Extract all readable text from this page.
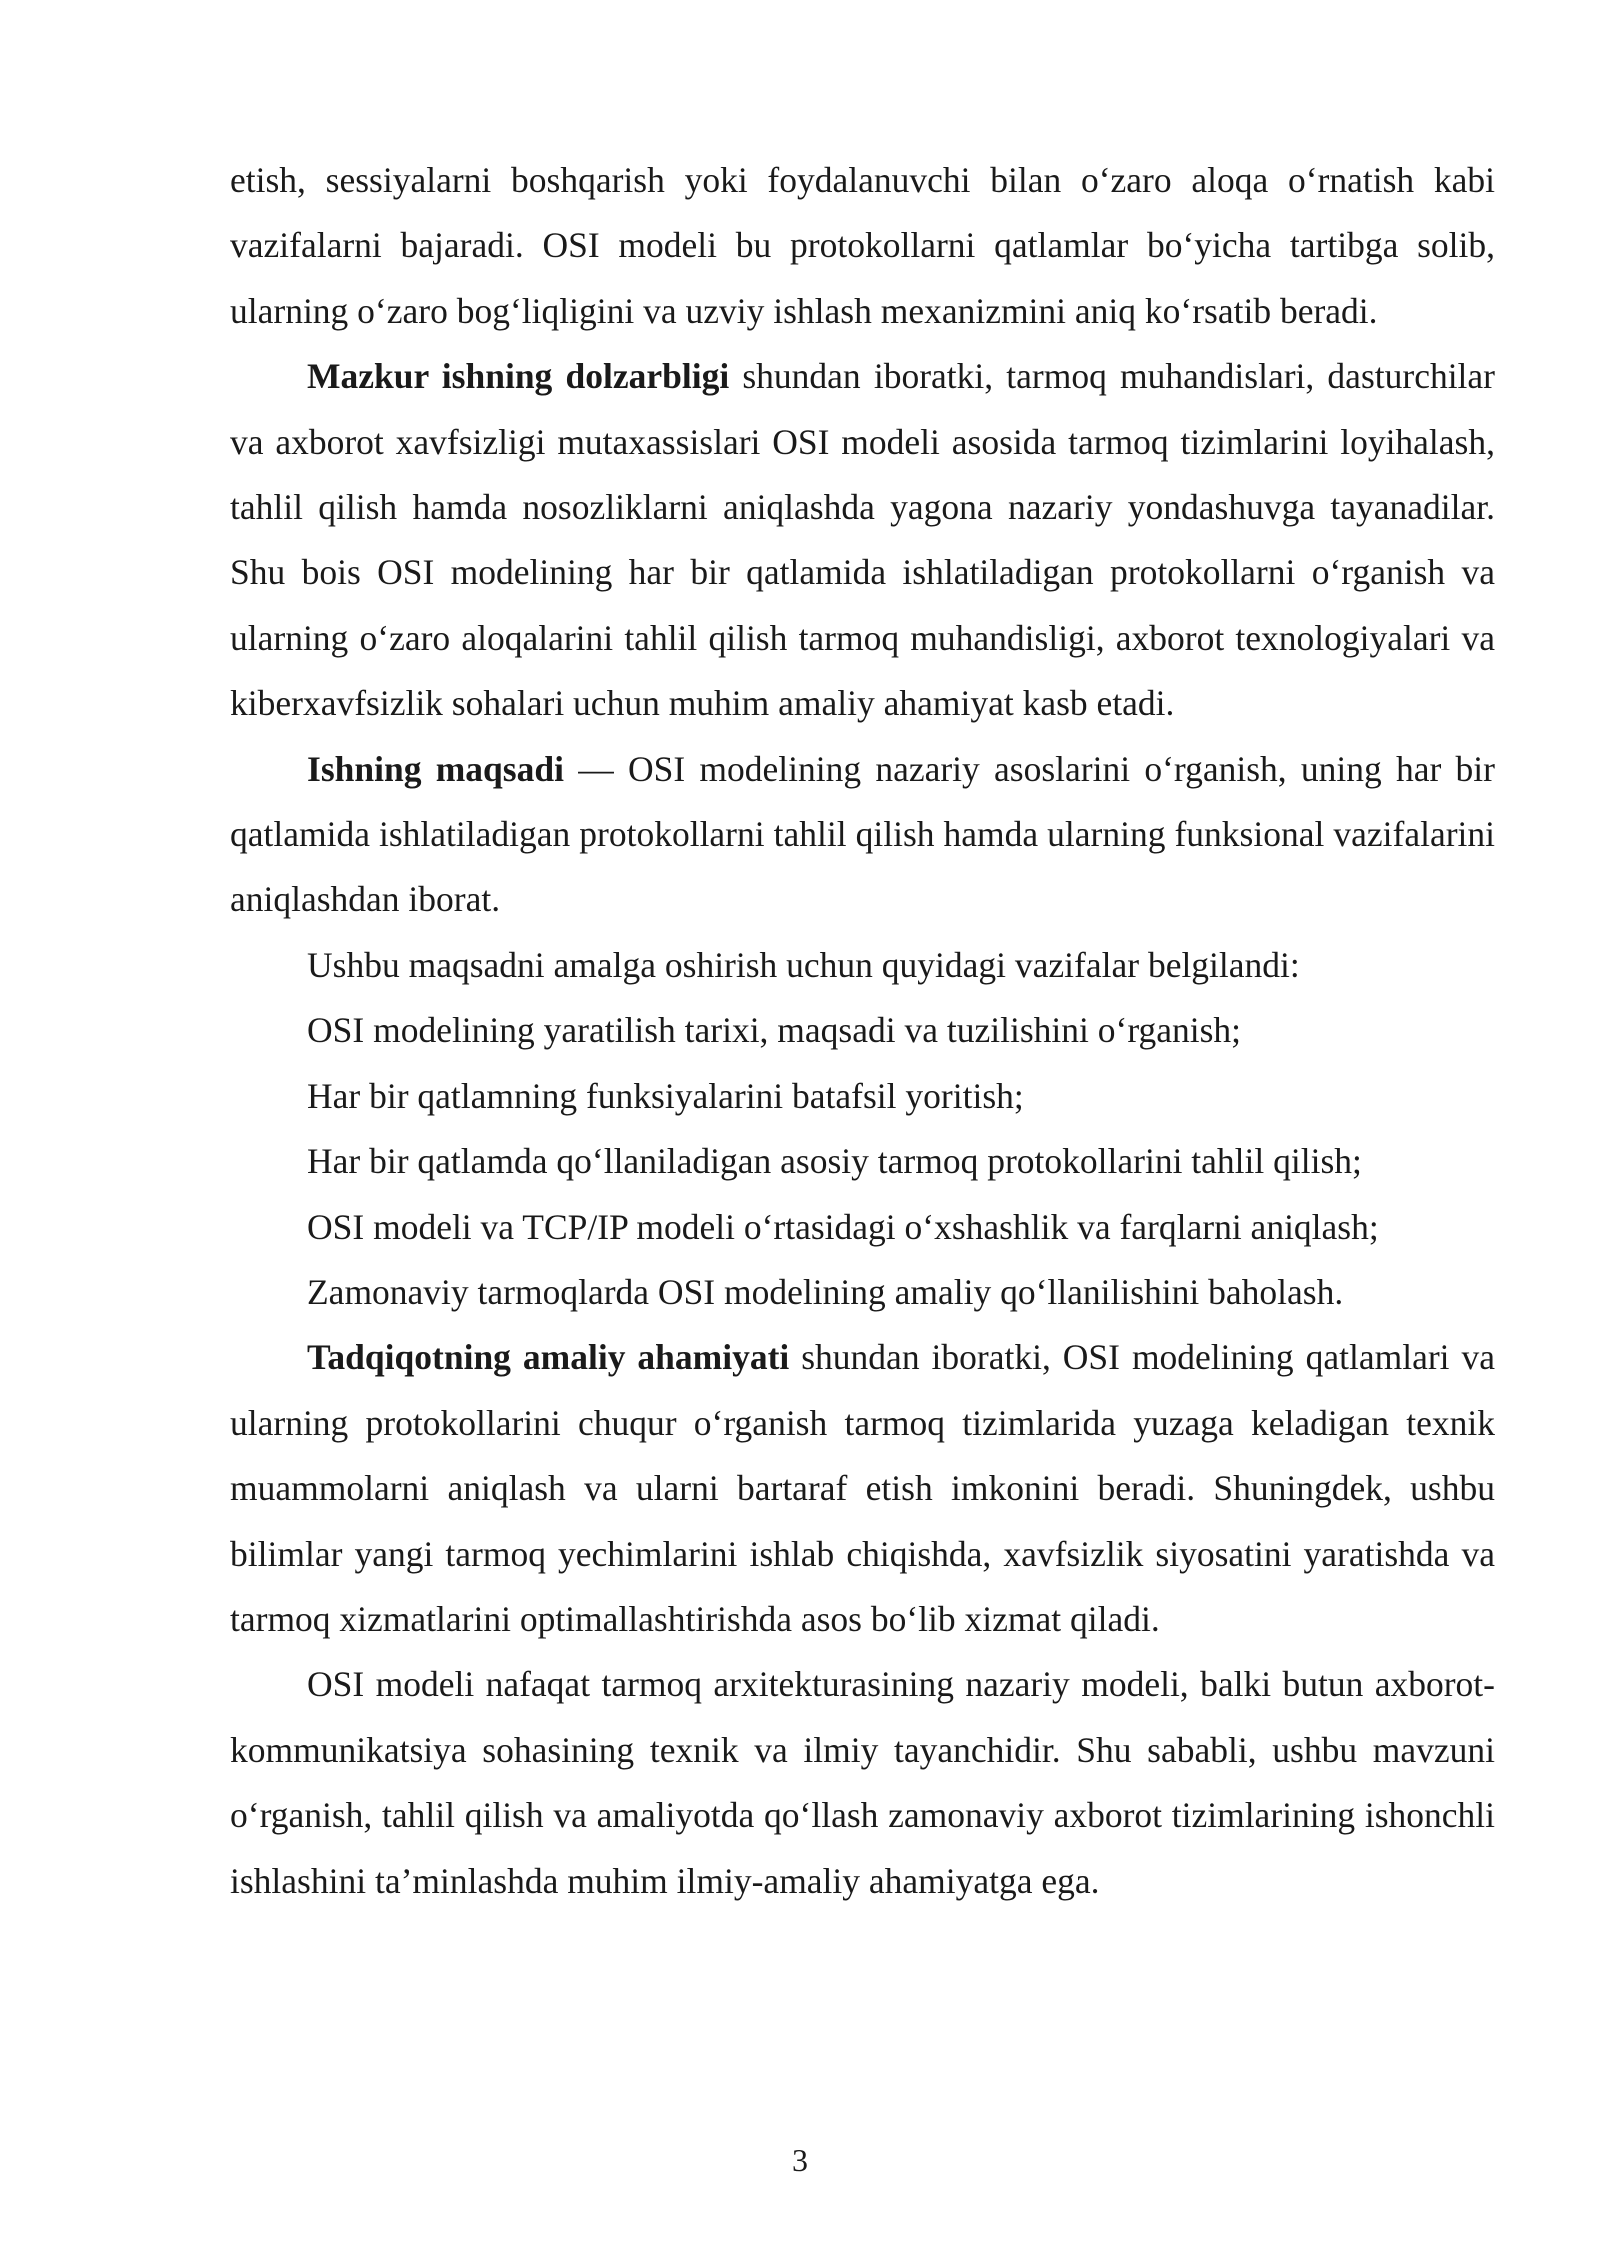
etish, sessiyalarni boshqarish yoki foydalanuvchi bilan o‘zaro aloqa o‘rnatish kabi vazifalarni bajaradi. OSI modeli bu protokollarni qatlamlar bo‘yicha tartibga solib, ularning o‘zaro bog‘liqligini va uzviy ishlash mexanizmini aniq ko‘rsatib beradi.

Mazkur ishning dolzarbligi shundan iboratki, tarmoq muhandislari, dasturchilar va axborot xavfsizligi mutaxassislari OSI modeli asosida tarmoq tizimlarini loyihalash, tahlil qilish hamda nosozliklarni aniqlashda yagona nazariy yondashuvga tayanadilar. Shu bois OSI modelining har bir qatlamida ishlatiladigan protokollarni o‘rganish va ularning o‘zaro aloqalarini tahlil qilish tarmoq muhandisligi, axborot texnologiyalari va kiberxavfsizlik sohalari uchun muhim amaliy ahamiyat kasb etadi.

Ishning maqsadi — OSI modelining nazariy asoslarini o‘rganish, uning har bir qatlamida ishlatiladigan protokollarni tahlil qilish hamda ularning funksional vazifalarini aniqlashdan iborat.

Ushbu maqsadni amalga oshirish uchun quyidagi vazifalar belgilandi:

OSI modelining yaratilish tarixi, maqsadi va tuzilishini o‘rganish;

Har bir qatlamning funksiyalarini batafsil yoritish;

Har bir qatlamda qo‘llaniladigan asosiy tarmoq protokollarini tahlil qilish;

OSI modeli va TCP/IP modeli o‘rtasidagi o‘xshashlik va farqlarni aniqlash;

Zamonaviy tarmoqlarda OSI modelining amaliy qo‘llanilishini baholash.

Tadqiqotning amaliy ahamiyati shundan iboratki, OSI modelining qatlamlari va ularning protokollarini chuqur o‘rganish tarmoq tizimlarida yuzaga keladigan texnik muammolarni aniqlash va ularni bartaraf etish imkonini beradi. Shuningdek, ushbu bilimlar yangi tarmoq yechimlarini ishlab chiqishda, xavfsizlik siyosatini yaratishda va tarmoq xizmatlarini optimallashtirishda asos bo‘lib xizmat qiladi.

OSI modeli nafaqat tarmoq arxitekturasining nazariy modeli, balki butun axborot-kommunikatsiya sohasining texnik va ilmiy tayanchidir. Shu sababli, ushbu mavzuni o‘rganish, tahlil qilish va amaliyotda qo‘llash zamonaviy axborot tizimlarining ishonchli ishlashini ta’minlashda muhim ilmiy-amaliy ahamiyatga ega.

3
